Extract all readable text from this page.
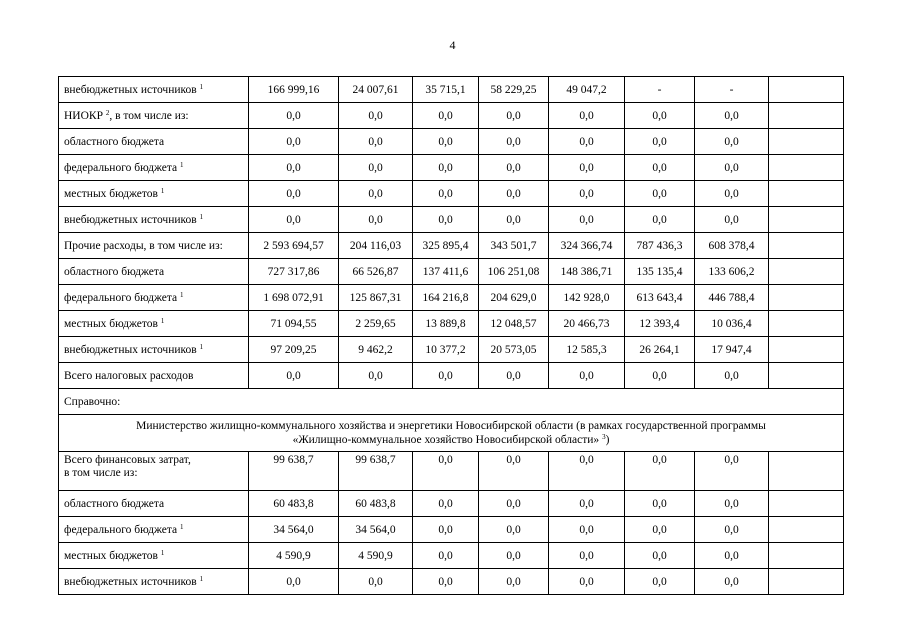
4
внебюджетных источников $^1$	166 999,16	24 007,61	35 715,1	58 229,25	49 047,2	-	-	
НИОКР $^2$, в том числе из:	0,0	0,0	0,0	0,0	0,0	0,0	0,0	
областного бюджета	0,0	0,0	0,0	0,0	0,0	0,0	0,0	
федерального бюджета $^1$	0,0	0,0	0,0	0,0	0,0	0,0	0,0	
местных бюджетов $^1$	0,0	0,0	0,0	0,0	0,0	0,0	0,0	
внебюджетных источников $^1$	0,0	0,0	0,0	0,0	0,0	0,0	0,0	
Прочие расходы, в том числе из:	2 593 694,57	204 116,03	325 895,4	343 501,7	324 366,74	787 436,3	608 378,4	
областного бюджета	727 317,86	66 526,87	137 411,6	106 251,08	148 386,71	135 135,4	133 606,2	
федерального бюджета $^1$	1 698 072,91	125 867,31	164 216,8	204 629,0	142 928,0	613 643,4	446 788,4	
местных бюджетов $^1$	71 094,55	2 259,65	13 889,8	12 048,57	20 466,73	12 393,4	10 036,4	
внебюджетных источников $^1$	97 209,25	9 462,2	10 377,2	20 573,05	12 585,3	26 264,1	17 947,4	
Всего налоговых расходов	0,0	0,0	0,0	0,0	0,0	0,0	0,0	
Справочно:								
Министерство жилищно-коммунального хозяйства и энергетики Новосибирской области (в рамках государственной программы
«Жилищно-коммунальное хозяйство Новосибирской области» $^3$)								
Всего финансовых затрат,
в том числе из:	99 638,7	99 638,7	0,0	0,0	0,0	0,0	0,0	
областного бюджета	60 483,8	60 483,8	0,0	0,0	0,0	0,0	0,0	
федерального бюджета $^1$	34 564,0	34 564,0	0,0	0,0	0,0	0,0	0,0	
местных бюджетов $^1$	4 590,9	4 590,9	0,0	0,0	0,0	0,0	0,0	
внебюджетных источников $^1$	0,0	0,0	0,0	0,0	0,0	0,0	0,0	
